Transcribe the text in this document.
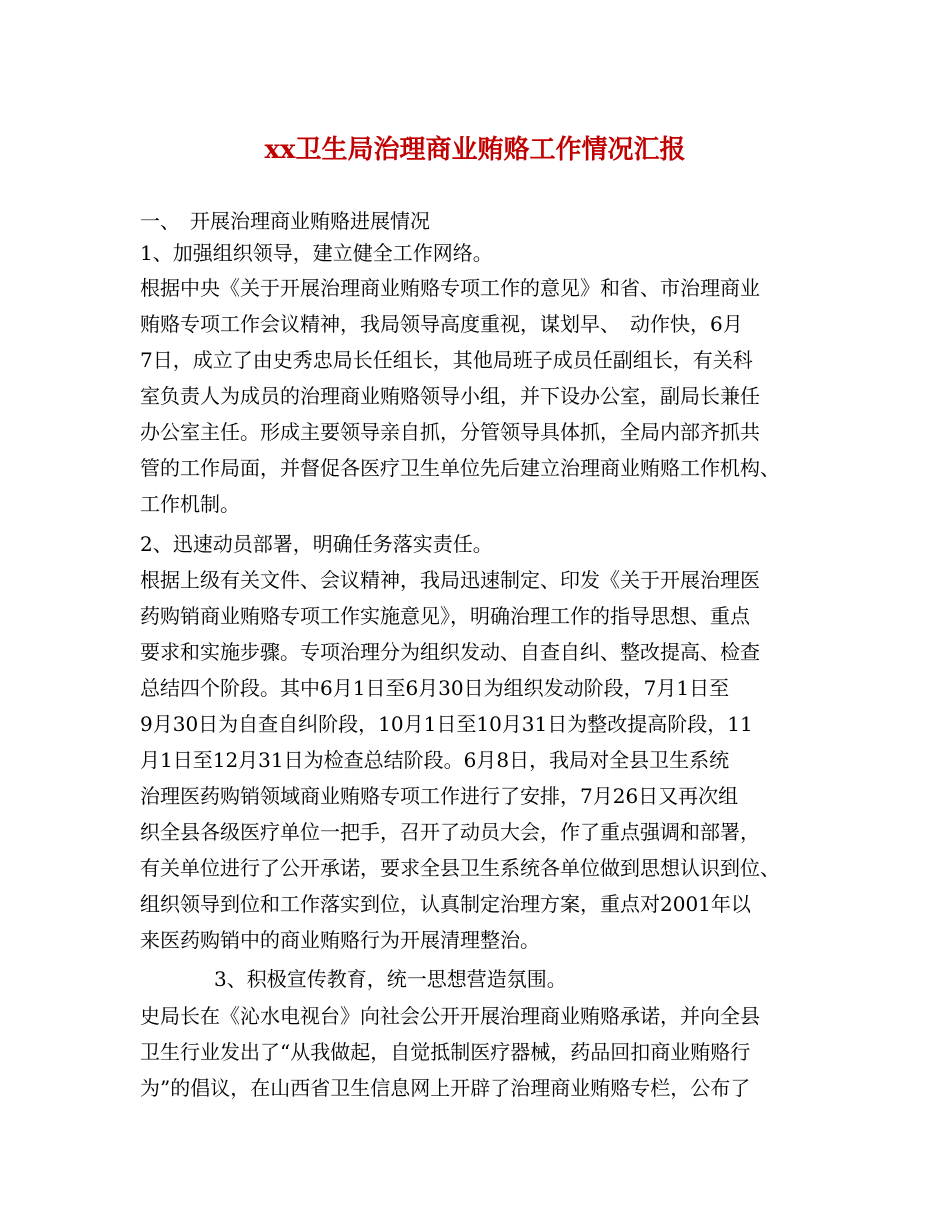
xx卫生局治理商业贿赂工作情况汇报

一、　开展治理商业贿赂进展情况

1、加强组织领导，建立健全工作网络。

根据中央《关于开展治理商业贿赂专项工作的意见》和省、市治理商业

贿赂专项工作会议精神，我局领导高度重视，谋划早、　动作快，6月

7日，成立了由史秀忠局长任组长，其他局班子成员任副组长，有关科

室负责人为成员的治理商业贿赂领导小组，并下设办公室，副局长兼任

办公室主任。形成主要领导亲自抓，分管领导具体抓，全局内部齐抓共

管的工作局面，并督促各医疗卫生单位先后建立治理商业贿赂工作机构、

工作机制。

2、迅速动员部署，明确任务落实责任。

根据上级有关文件、会议精神，我局迅速制定、印发《关于开展治理医

药购销商业贿赂专项工作实施意见》，明确治理工作的指导思想、重点

要求和实施步骤。专项治理分为组织发动、自查自纠、整改提高、检查

总结四个阶段。其中6月1日至6月30日为组织发动阶段，7月1日至

9月30日为自查自纠阶段，10月1日至10月31日为整改提高阶段，11

月1日至12月31日为检查总结阶段。6月8日，我局对全县卫生系统

治理医药购销领域商业贿赂专项工作进行了安排，7月26日又再次组

织全县各级医疗单位一把手，召开了动员大会，作了重点强调和部署，

有关单位进行了公开承诺，要求全县卫生系统各单位做到思想认识到位、

组织领导到位和工作落实到位，认真制定治理方案，重点对2001年以

来医药购销中的商业贿赂行为开展清理整治。

3、积极宣传教育，统一思想营造氛围。

史局长在《沁水电视台》向社会公开开展治理商业贿赂承诺，并向全县

卫生行业发出了“从我做起，自觉抵制医疗器械，药品回扣商业贿赂行

为”的倡议，在山西省卫生信息网上开辟了治理商业贿赂专栏，公布了
